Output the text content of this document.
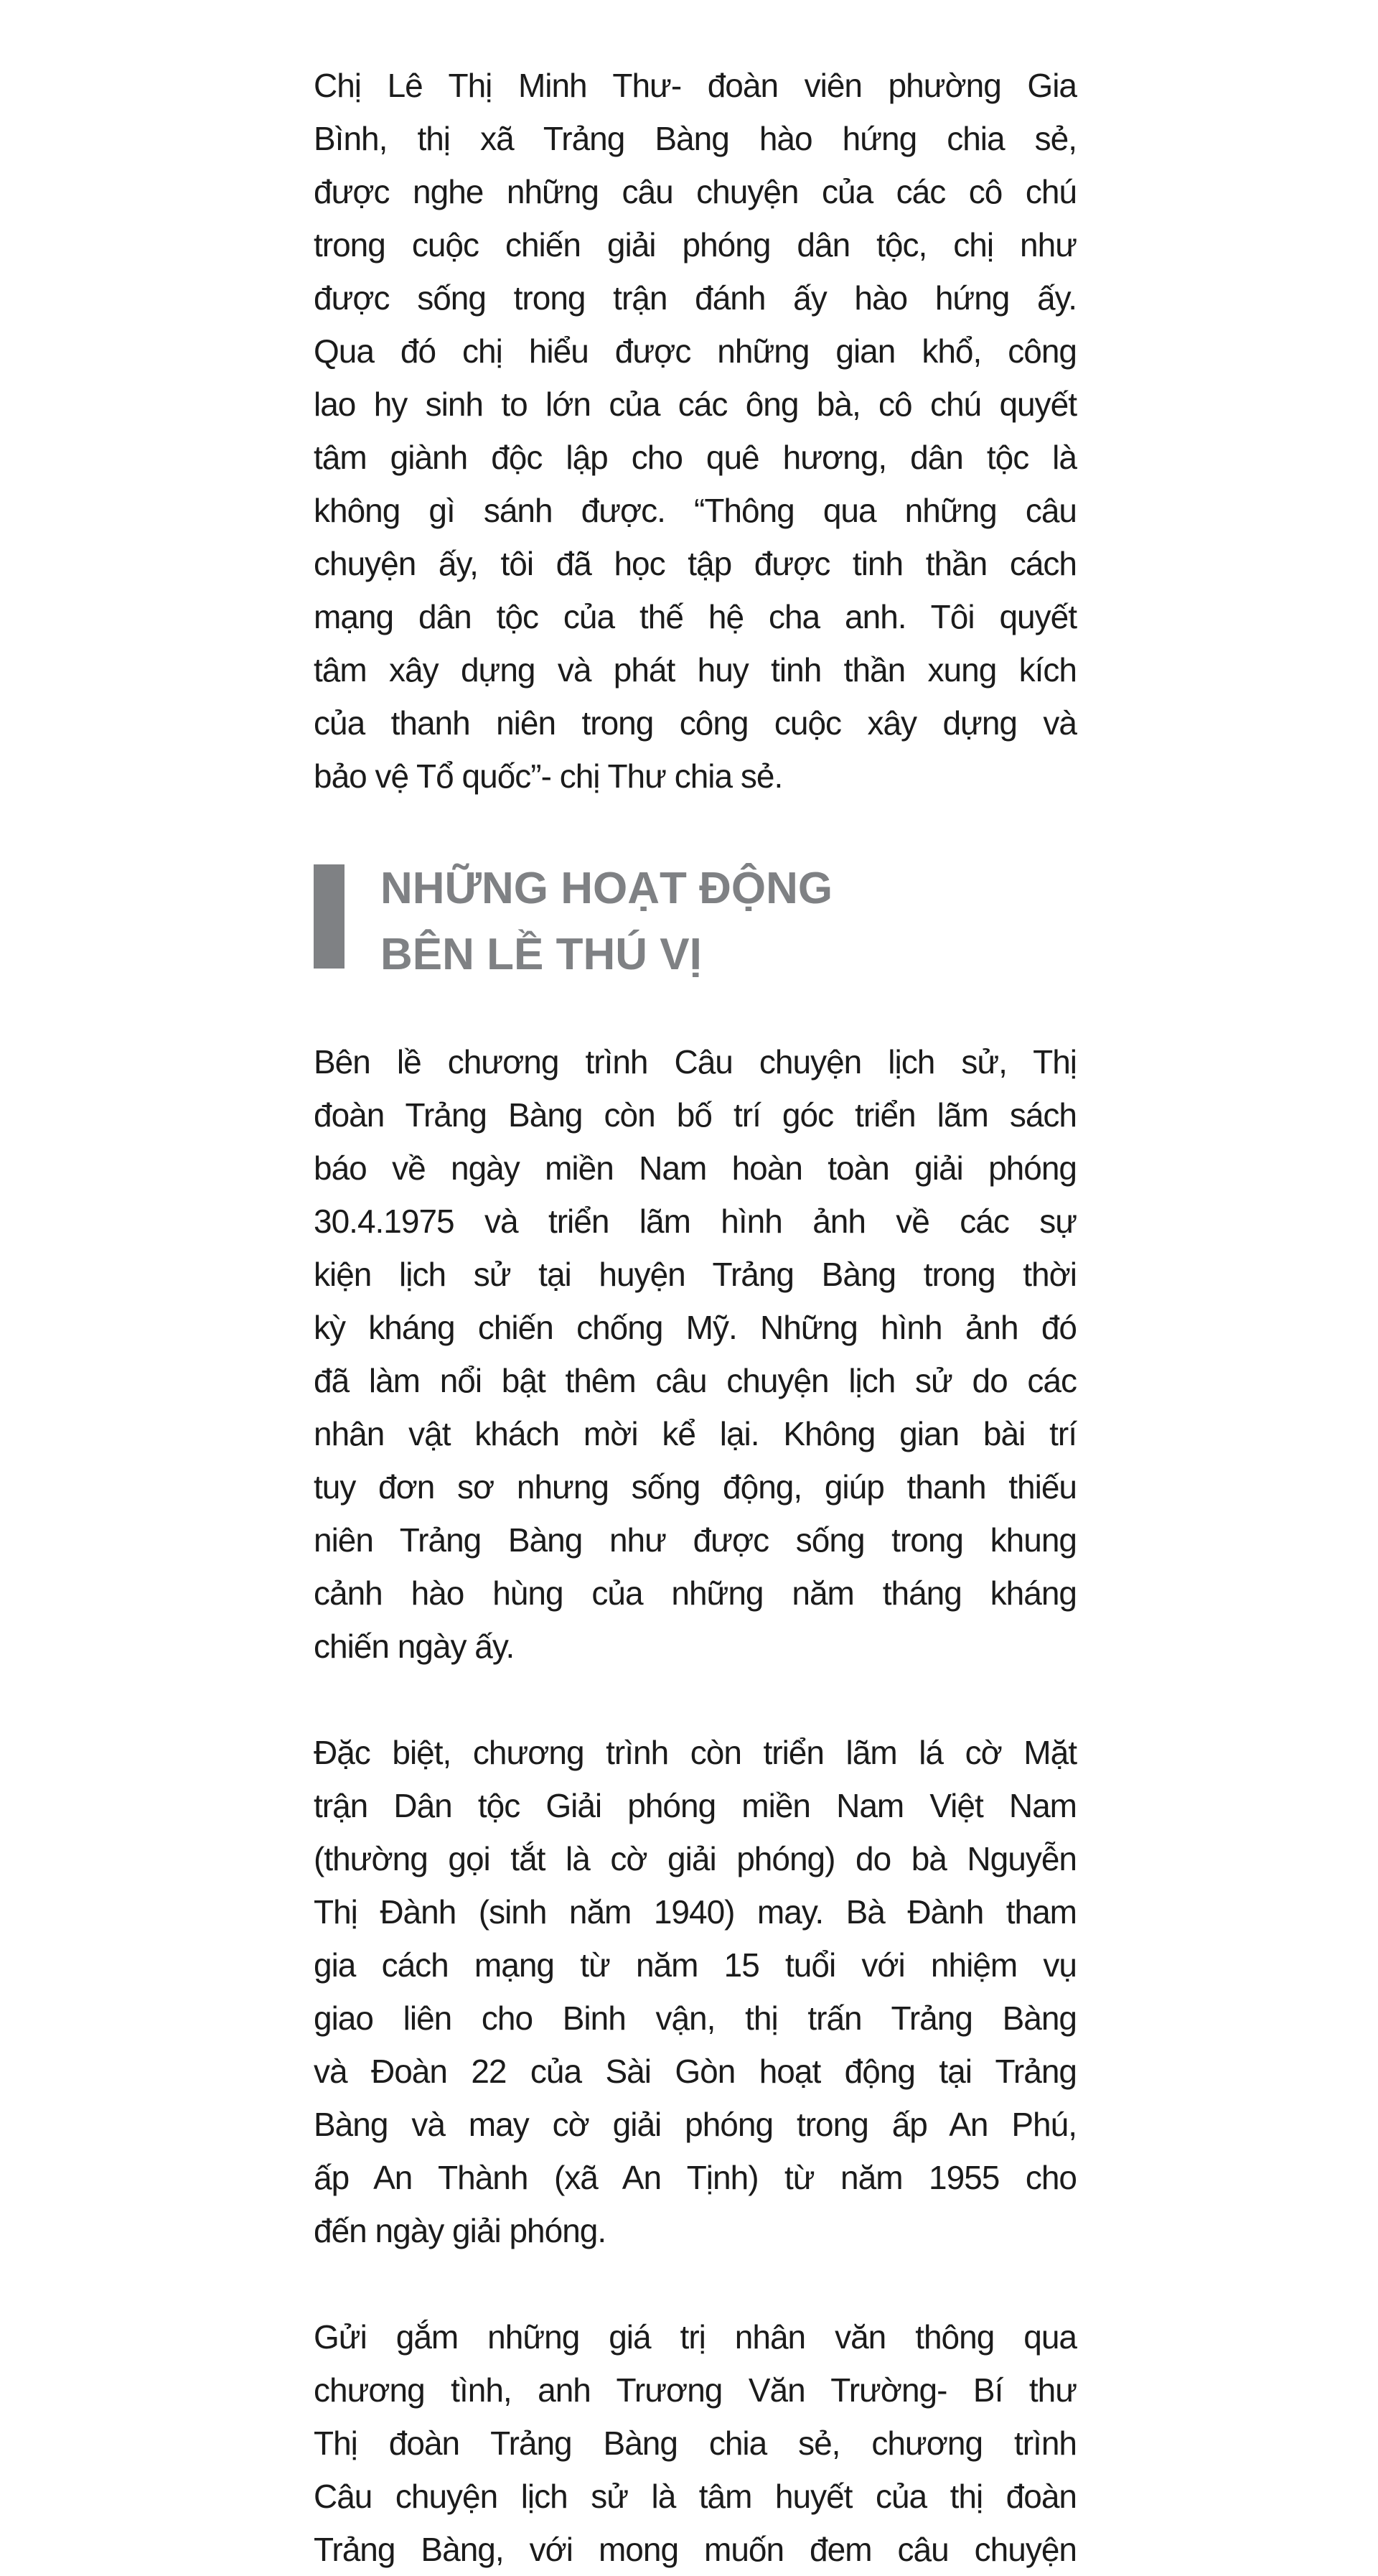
Chị Lê Thị Minh Thư- đoàn viên phường Gia
Bình, thị xã Trảng Bàng hào hứng chia sẻ,
được nghe những câu chuyện của các cô chú
trong cuộc chiến giải phóng dân tộc, chị như
được sống trong trận đánh ấy hào hứng ấy.
Qua đó chị hiểu được những gian khổ, công
lao hy sinh to lớn của các ông bà, cô chú quyết
tâm giành độc lập cho quê hương, dân tộc là
không gì sánh được. “Thông qua những câu
chuyện ấy, tôi đã học tập được tinh thần cách
mạng dân tộc của thế hệ cha anh. Tôi quyết
tâm xây dựng và phát huy tinh thần xung kích
của thanh niên trong công cuộc xây dựng và
bảo vệ Tổ quốc”- chị Thư chia sẻ.
NHỮNG HOẠT ĐỘNG
BÊN LỀ THÚ VỊ
Bên lề chương trình Câu chuyện lịch sử, Thị
đoàn Trảng Bàng còn bố trí góc triển lãm sách
báo về ngày miền Nam hoàn toàn giải phóng
30.4.1975 và triển lãm hình ảnh về các sự
kiện lịch sử tại huyện Trảng Bàng trong thời
kỳ kháng chiến chống Mỹ. Những hình ảnh đó
đã làm nổi bật thêm câu chuyện lịch sử do các
nhân vật khách mời kể lại. Không gian bài trí
tuy đơn sơ nhưng sống động, giúp thanh thiếu
niên Trảng Bàng như được sống trong khung
cảnh hào hùng của những năm tháng kháng
chiến ngày ấy.
Đặc biệt, chương trình còn triển lãm lá cờ Mặt
trận Dân tộc Giải phóng miền Nam Việt Nam
(thường gọi tắt là cờ giải phóng) do bà Nguyễn
Thị Đành (sinh năm 1940) may. Bà Đành tham
gia cách mạng từ năm 15 tuổi với nhiệm vụ
giao liên cho Binh vận, thị trấn Trảng Bàng
và Đoàn 22 của Sài Gòn hoạt động tại Trảng
Bàng và may cờ giải phóng trong ấp An Phú,
ấp An Thành (xã An Tịnh) từ năm 1955 cho
đến ngày giải phóng.
Gửi gắm những giá trị nhân văn thông qua
chương tình, anh Trương Văn Trường- Bí thư
Thị đoàn Trảng Bàng chia sẻ, chương trình
Câu chuyện lịch sử là tâm huyết của thị đoàn
Trảng Bàng, với mong muốn đem câu chuyện
